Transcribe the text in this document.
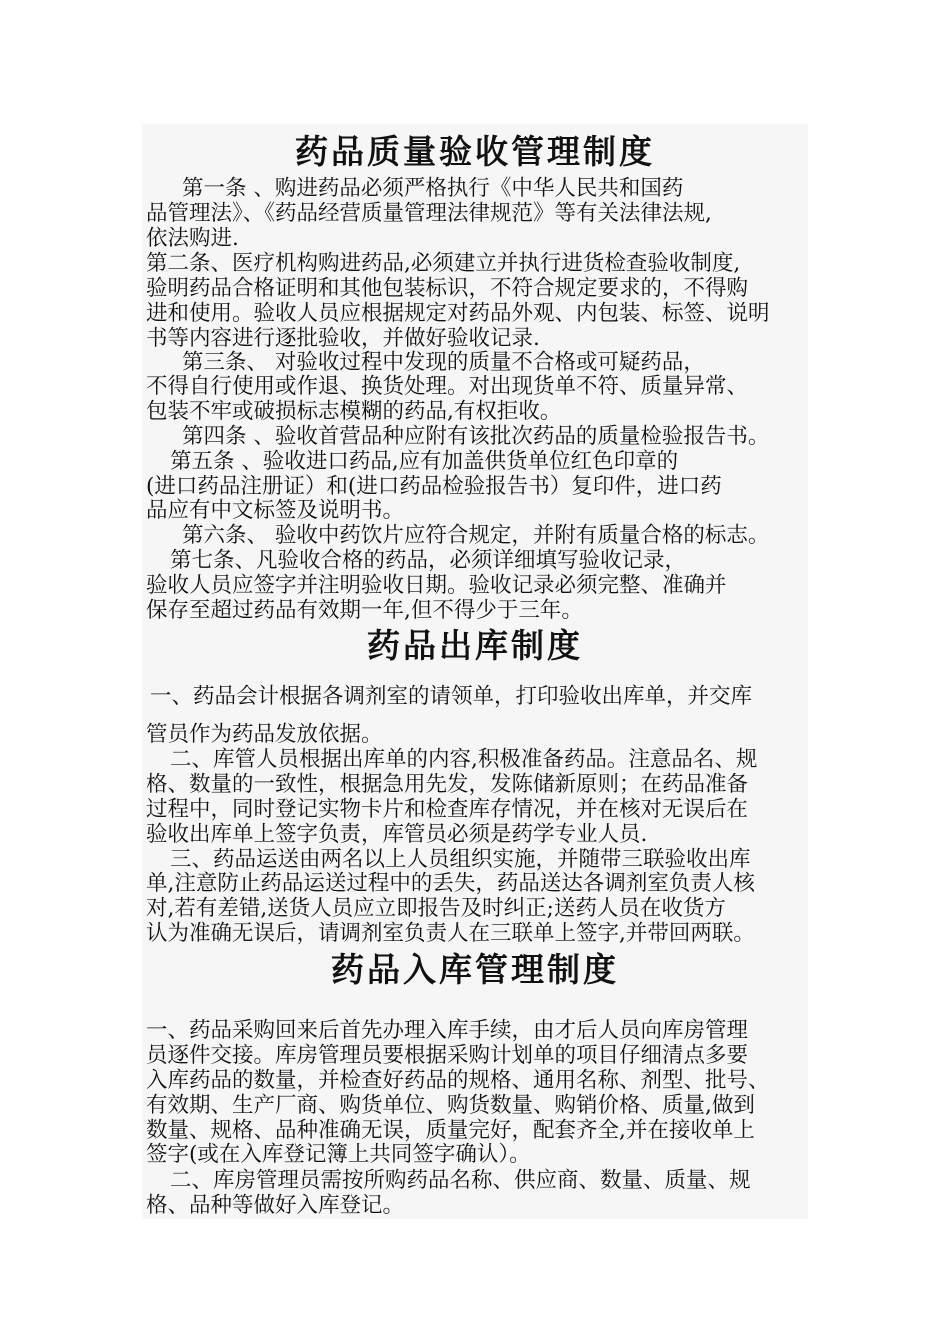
药品质量验收管理制度

第一条 、购进药品必须严格执行《中华人民共和国药

品管理法》、《药品经营质量管理法律规范》等有关法律法规,

依法购进.

第二条、医疗机构购进药品,必须建立并执行进货检查验收制度,

验明药品合格证明和其他包装标识，不符合规定要求的，不得购

进和使用。验收人员应根据规定对药品外观、内包装、标签、说明

书等内容进行逐批验收，并做好验收记录.

第三条、 对验收过程中发现的质量不合格或可疑药品，

不得自行使用或作退、换货处理。对出现货单不符、质量异常、

包装不牢或破损标志模糊的药品,有权拒收。

第四条 、验收首营品种应附有该批次药品的质量检验报告书。

第五条 、验收进口药品,应有加盖供货单位红色印章的

(进口药品注册证）和(进口药品检验报告书）复印件，进口药

品应有中文标签及说明书。

第六条、 验收中药饮片应符合规定，并附有质量合格的标志。

第七条、凡验收合格的药品，必须详细填写验收记录，

验收人员应签字并注明验收日期。验收记录必须完整、准确并

保存至超过药品有效期一年,但不得少于三年。

药品出库制度

一、药品会计根据各调剂室的请领单，打印验收出库单，并交库

管员作为药品发放依据。

二、库管人员根据出库单的内容,积极准备药品。注意品名、规

格、数量的一致性，根据急用先发，发陈储新原则；在药品准备

过程中，同时登记实物卡片和检查库存情况，并在核对无误后在

验收出库单上签字负责，库管员必须是药学专业人员.

三、药品运送由两名以上人员组织实施，并随带三联验收出库

单,注意防止药品运送过程中的丢失，药品送达各调剂室负责人核

对,若有差错,送货人员应立即报告及时纠正;送药人员在收货方

认为准确无误后，请调剂室负责人在三联单上签字,并带回两联。

药品入库管理制度

一、药品采购回来后首先办理入库手续，由才后人员向库房管理

员逐件交接。库房管理员要根据采购计划单的项目仔细清点多要

入库药品的数量，并检查好药品的规格、通用名称、剂型、批号、

有效期、生产厂商、购货单位、购货数量、购销价格、质量,做到

数量、规格、品种准确无误，质量完好，配套齐全,并在接收单上

签字(或在入库登记簿上共同签字确认）。

二、库房管理员需按所购药品名称、供应商、数量、质量、规

格、品种等做好入库登记。
